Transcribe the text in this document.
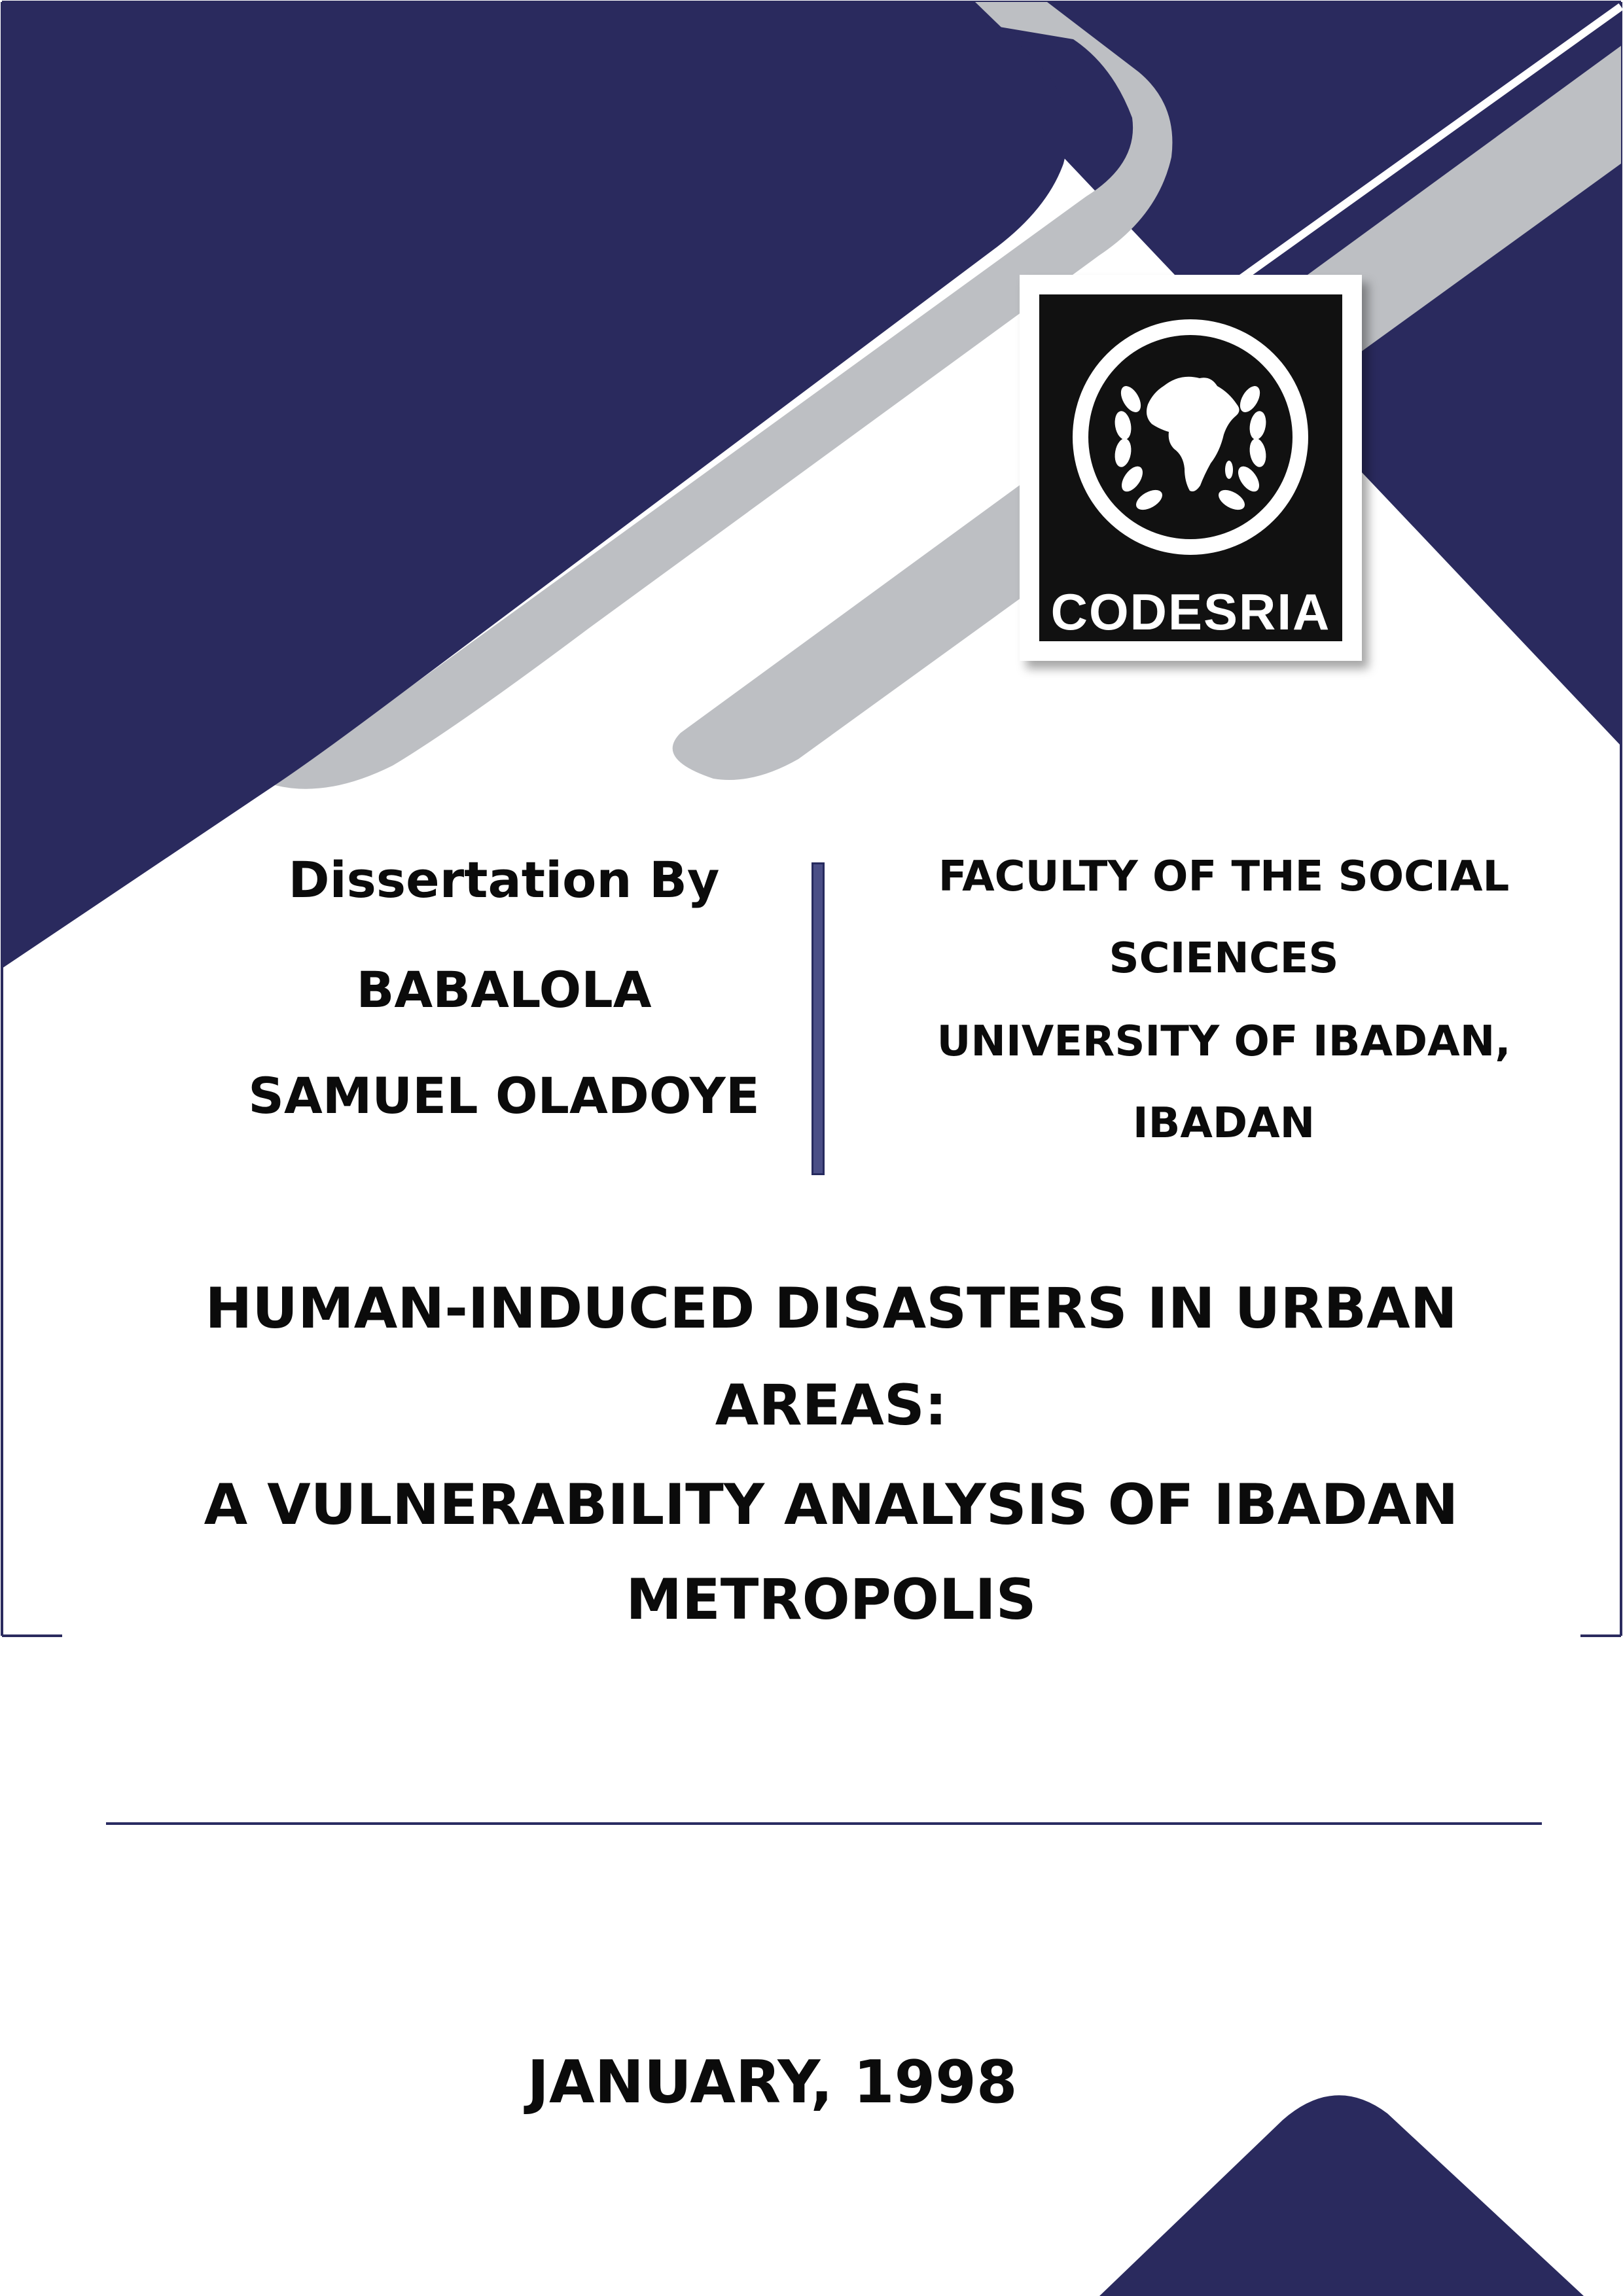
CODESRIA
Dissertation By
BABALOLA
SAMUEL OLADOYE
FACULTY OF THE SOCIAL
SCIENCES
UNIVERSITY OF IBADAN,
IBADAN
HUMAN-INDUCED DISASTERS IN URBAN
AREAS:
A VULNERABILITY ANALYSIS OF IBADAN
METROPOLIS
JANUARY, 1998
